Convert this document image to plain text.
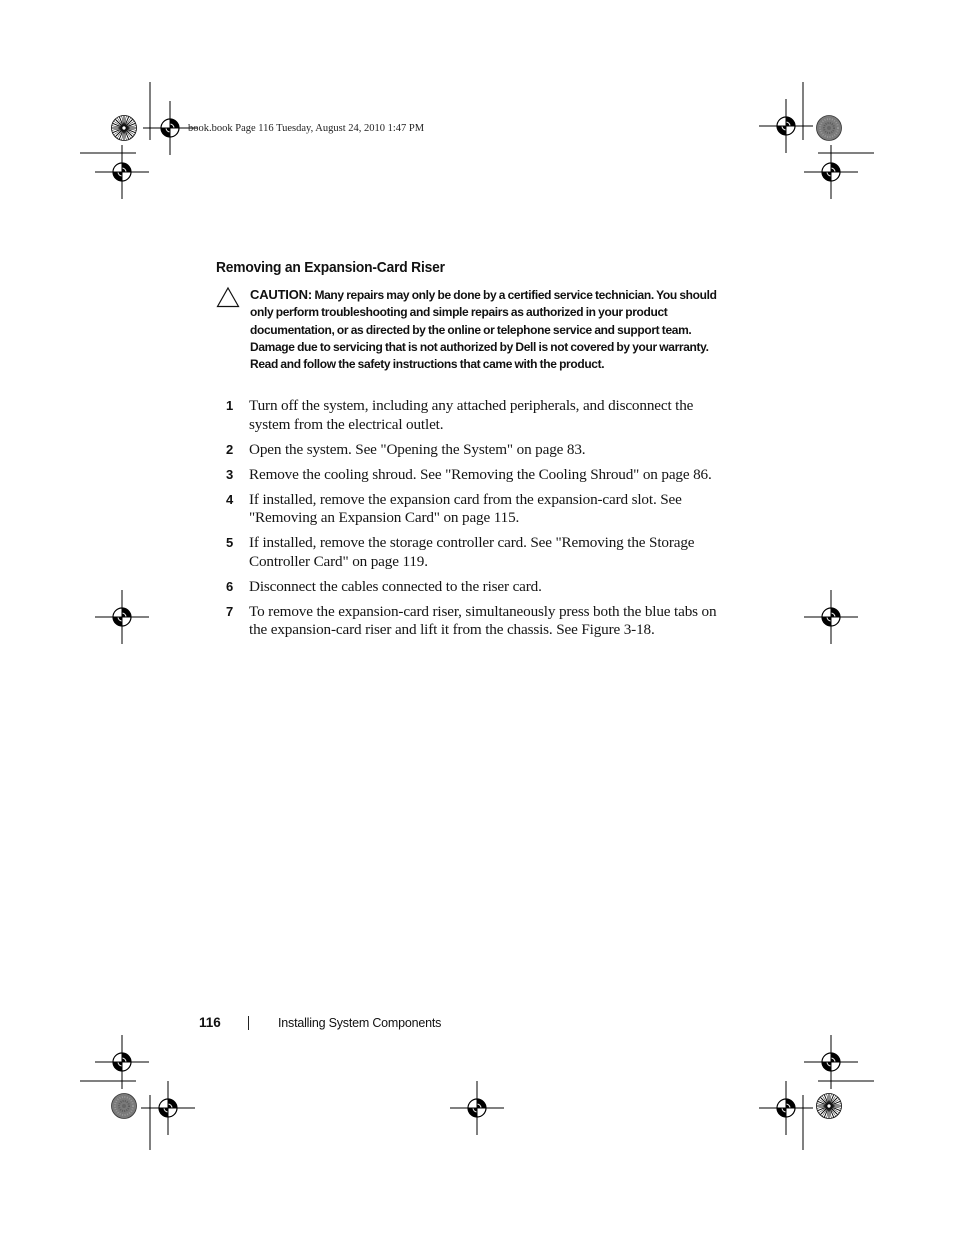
book.book Page 116 Tuesday, August 24, 2010 1:47 PM
Removing an Expansion-Card Riser

CAUTION: Many repairs may only be done by a certified service technician. You should only perform troubleshooting and simple repairs as authorized in your product documentation, or as directed by the online or telephone service and support team. Damage due to servicing that is not authorized by Dell is not covered by your warranty. Read and follow the safety instructions that came with the product.

1 Turn off the system, including any attached peripherals, and disconnect the system from the electrical outlet.
2 Open the system. See "Opening the System" on page 83.
3 Remove the cooling shroud. See "Removing the Cooling Shroud" on page 86.
4 If installed, remove the expansion card from the expansion-card slot. See "Removing an Expansion Card" on page 115.
5 If installed, remove the storage controller card. See "Removing the Storage Controller Card" on page 119.
6 Disconnect the cables connected to the riser card.
7 To remove the expansion-card riser, simultaneously press both the blue tabs on the expansion-card riser and lift it from the chassis. See Figure 3-18.
116	Installing System Components
